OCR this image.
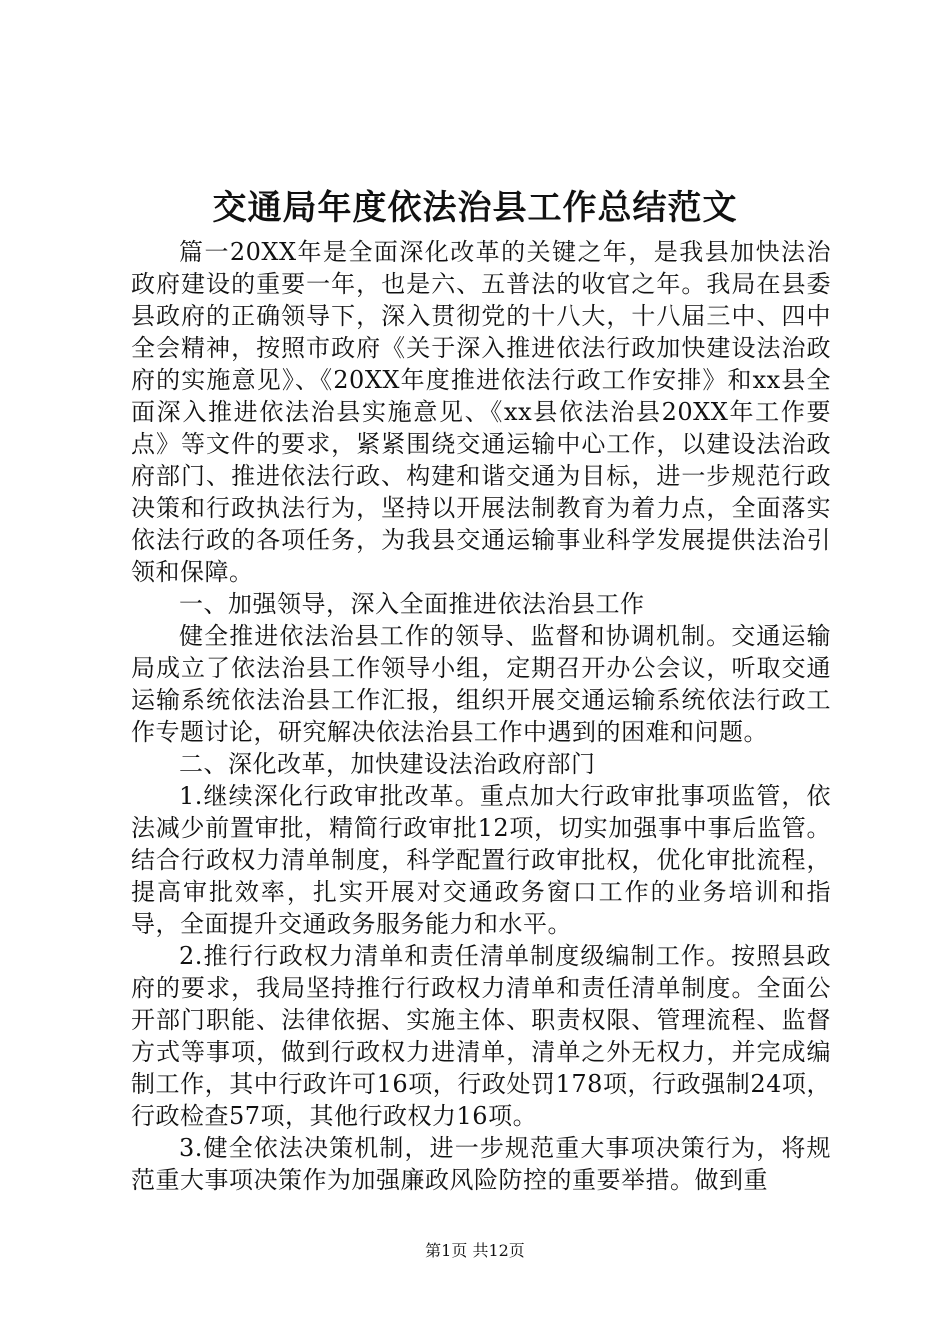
交通局年度依法治县工作总结范文

篇一20XX年是全面深化改革的关键之年，是我县加快法治政府建设的重要一年，也是六、五普法的收官之年。我局在县委县政府的正确领导下，深入贯彻党的十八大，十八届三中、四中全会精神，按照市政府《关于深入推进依法行政加快建设法治政府的实施意见》、《20XX年度推进依法行政工作安排》和xx县全面深入推进依法治县实施意见、《xx县依法治县20XX年工作要点》等文件的要求，紧紧围绕交通运输中心工作，以建设法治政府部门、推进依法行政、构建和谐交通为目标，进一步规范行政决策和行政执法行为，坚持以开展法制教育为着力点，全面落实依法行政的各项任务，为我县交通运输事业科学发展提供法治引领和保障。

一、加强领导，深入全面推进依法治县工作

健全推进依法治县工作的领导、监督和协调机制。交通运输局成立了依法治县工作领导小组，定期召开办公会议，听取交通运输系统依法治县工作汇报，组织开展交通运输系统依法行政工作专题讨论，研究解决依法治县工作中遇到的困难和问题。

二、深化改革，加快建设法治政府部门

1.继续深化行政审批改革。重点加大行政审批事项监管，依法减少前置审批，精简行政审批12项，切实加强事中事后监管。结合行政权力清单制度，科学配置行政审批权，优化审批流程，提高审批效率，扎实开展对交通政务窗口工作的业务培训和指导，全面提升交通政务服务能力和水平。

2.推行行政权力清单和责任清单制度级编制工作。按照县政府的要求，我局坚持推行行政权力清单和责任清单制度。全面公开部门职能、法律依据、实施主体、职责权限、管理流程、监督方式等事项，做到行政权力进清单，清单之外无权力，并完成编制工作，其中行政许可16项，行政处罚178项，行政强制24项，行政检查57项，其他行政权力16项。

3.健全依法决策机制，进一步规范重大事项决策行为，将规范重大事项决策作为加强廉政风险防控的重要举措。做到重

第1页 共12页
